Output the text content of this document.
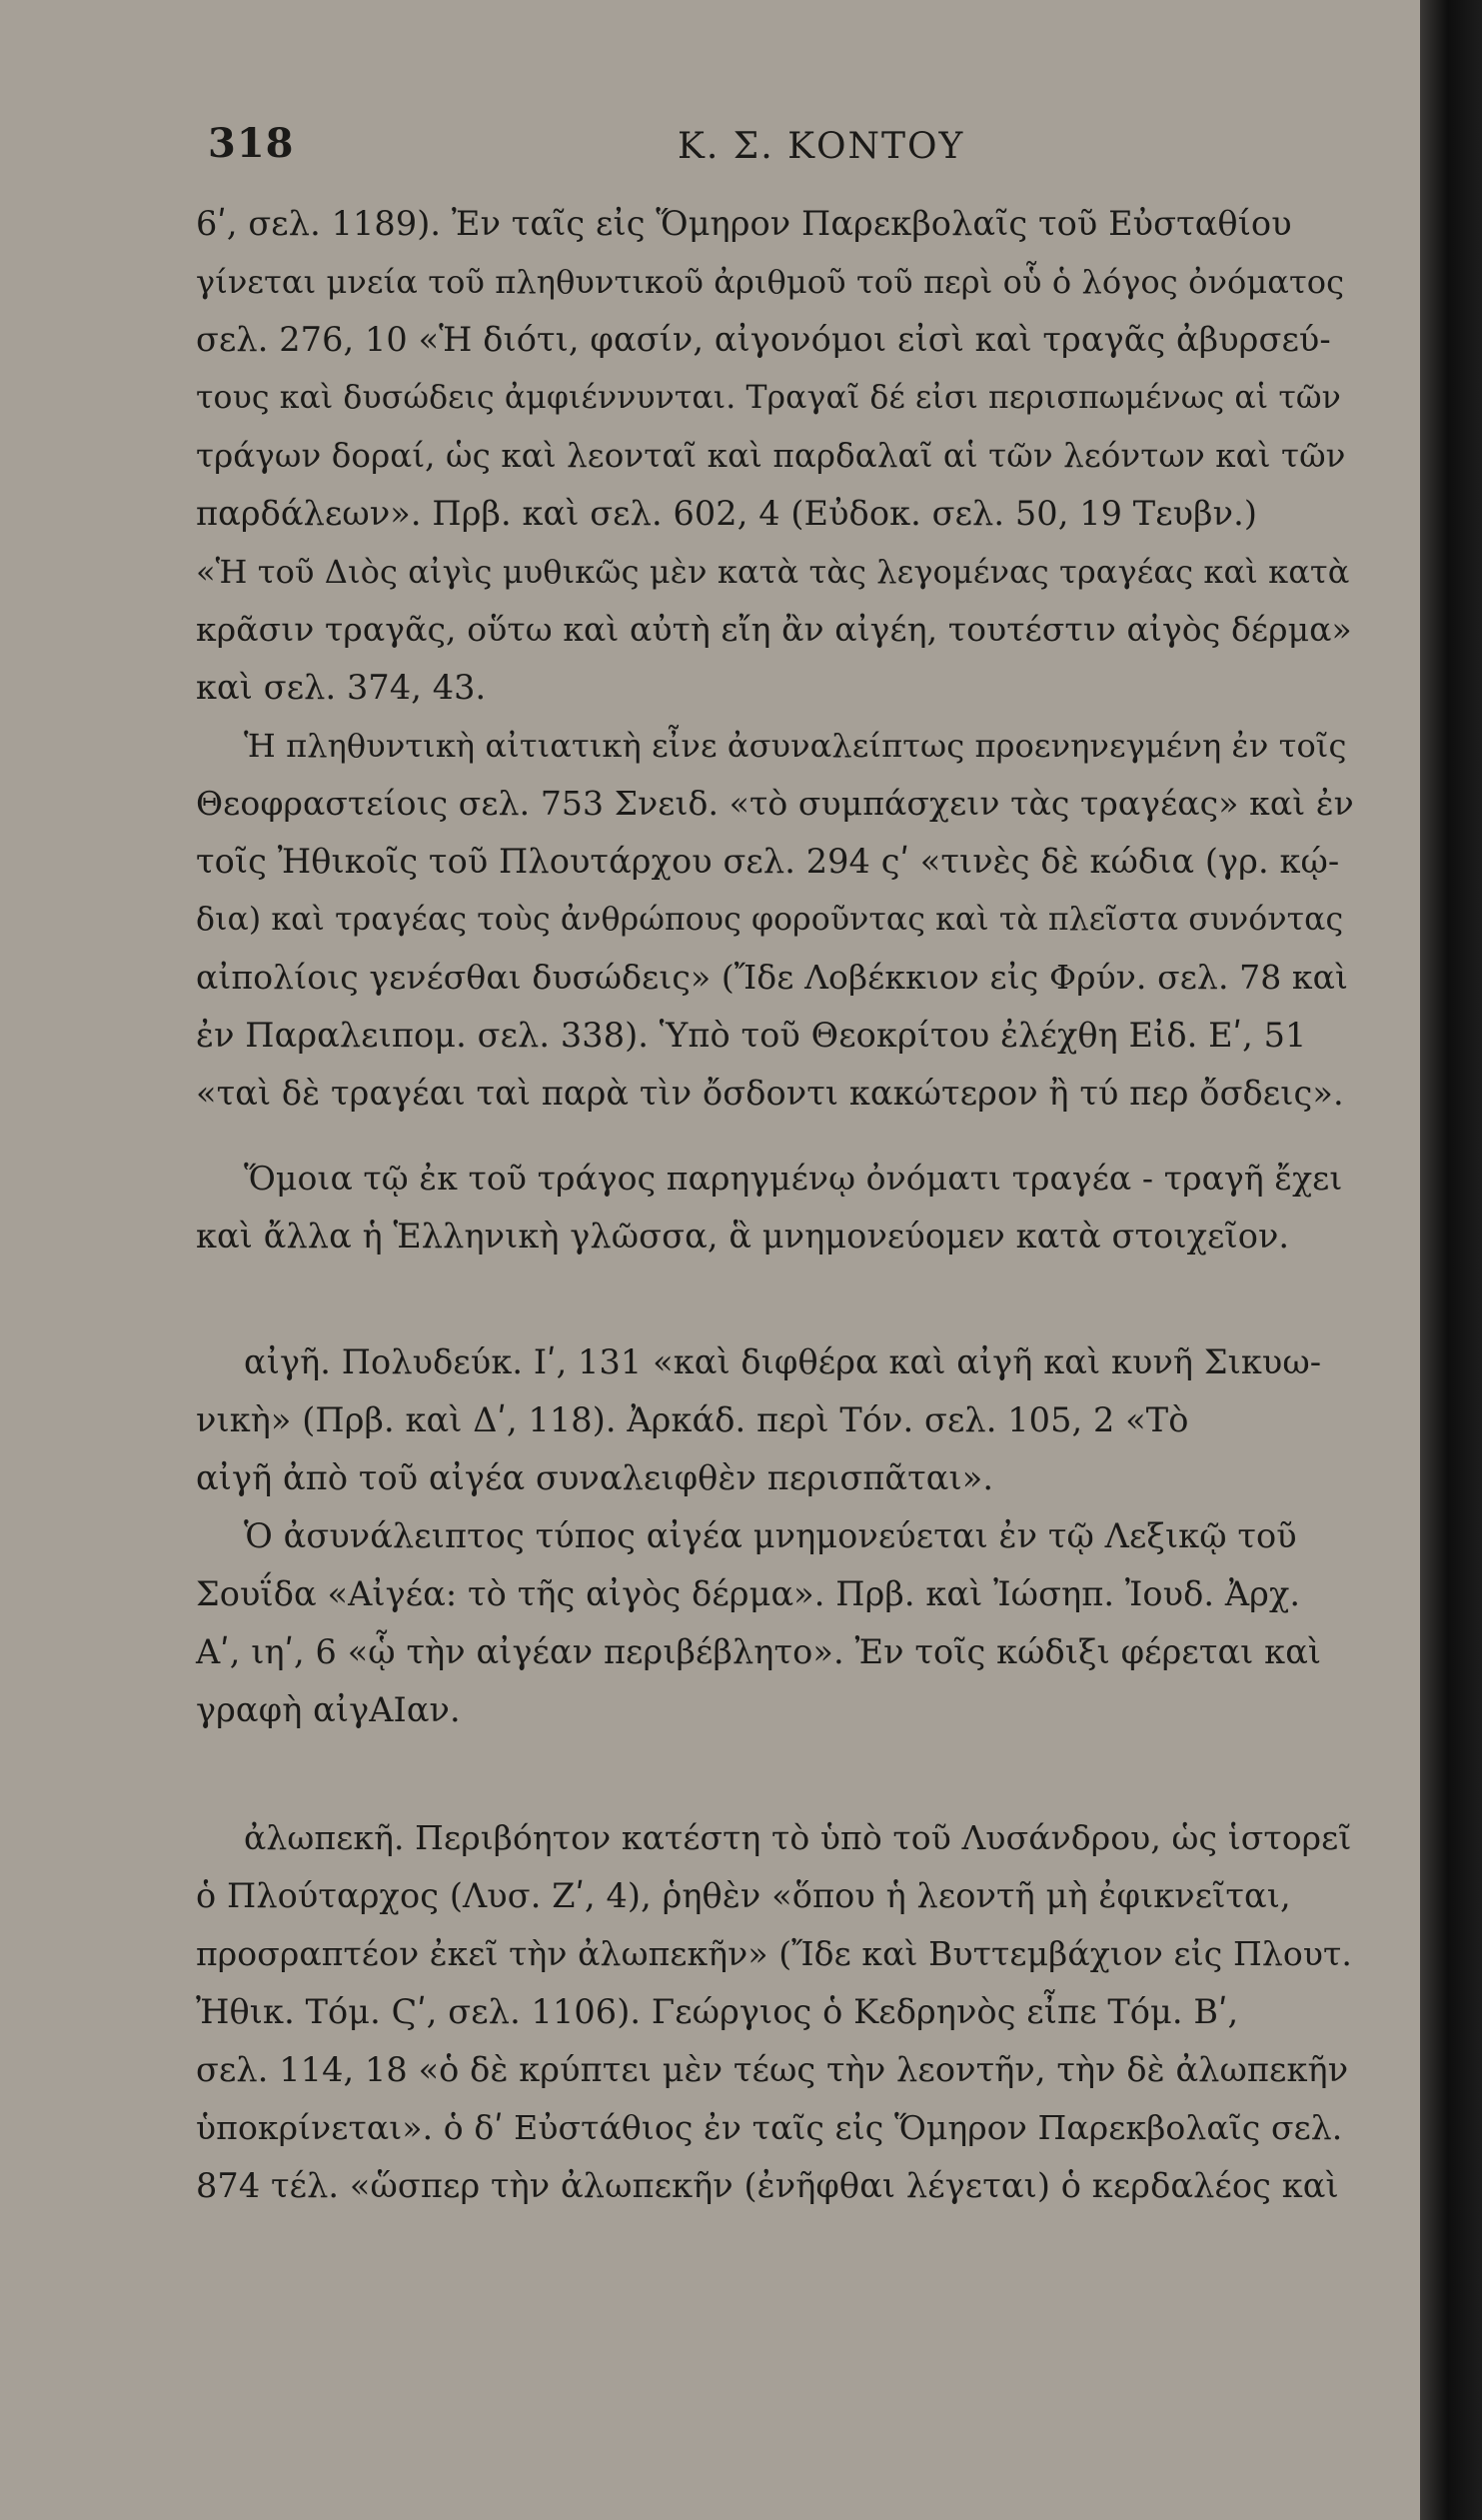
318	Κ. Σ. ΚΟΝΤΟΥ
6ʹ, σελ. 1189). Ἐν ταῖς εἰς Ὅμηρον Παρεκβολαῖς τοῦ Εὐσταθίου
γίνεται μνεία τοῦ πληθυντικοῦ ἀριθμοῦ τοῦ περὶ οὗ ὁ λόγος ὀνόματος
σελ. 276, 10 «Ἡ διότι, φασίν, αἰγονόμοι εἰσὶ καὶ τραγᾶς ἀβυρσεύ-
τους καὶ δυσώδεις ἀμφιέννυνται. Τραγαῖ δέ εἰσι περισπωμένως αἱ τῶν
τράγων δοραί, ὡς καὶ λεονταῖ καὶ παρδαλαῖ αἱ τῶν λεόντων καὶ τῶν
παρδάλεων». Πρβ. καὶ σελ. 602, 4 (Εὐδοκ. σελ. 50, 19 Τευβν.)
«Ἡ τοῦ Διὸς αἰγὶς μυθικῶς μὲν κατὰ τὰς λεγομένας τραγέας καὶ κατὰ
κρᾶσιν τραγᾶς, οὕτω καὶ αὐτὴ εἴη ἂν αἰγέη, τουτέστιν αἰγὸς δέρμα»
καὶ σελ. 374, 43.
Ἡ πληθυντικὴ αἰτιατικὴ εἶνε ἀσυναλείπτως προενηνεγμένη ἐν τοῖς
Θεοφραστείοις σελ. 753 Σνειδ. «τὸ συμπάσχειν τὰς τραγέας» καὶ ἐν
τοῖς Ἠθικοῖς τοῦ Πλουτάρχου σελ. 294 ςʹ «τινὲς δὲ κώδια (γρ. κῴ-
δια) καὶ τραγέας τοὺς ἀνθρώπους φοροῦντας καὶ τὰ πλεῖστα συνόντας
αἰπολίοις γενέσθαι δυσώδεις» (Ἴδε Λοβέκκιον εἰς Φρύν. σελ. 78 καὶ
ἐν Παραλειπομ. σελ. 338). Ὑπὸ τοῦ Θεοκρίτου ἐλέχθη Εἰδ. Εʹ, 51
«ταὶ δὲ τραγέαι ταὶ παρὰ τὶν ὄσδοντι κακώτερον ἢ τύ περ ὄσδεις».
Ὅμοια τῷ ἐκ τοῦ τράγος παρηγμένῳ ὀνόματι τραγέα - τραγῆ ἔχει
καὶ ἄλλα ἡ Ἑλληνικὴ γλῶσσα, ἃ μνημονεύομεν κατὰ στοιχεῖον.
αἰγῆ. Πολυδεύκ. Ιʹ, 131 «καὶ διφθέρα καὶ αἰγῆ καὶ κυνῆ Σικυω-
νικὴ» (Πρβ. καὶ Δʹ, 118). Ἀρκάδ. περὶ Τόν. σελ. 105, 2 «Τὸ
αἰγῆ ἀπὸ τοῦ αἰγέα συναλειφθὲν περισπᾶται».
Ὁ ἀσυνάλειπτος τύπος αἰγέα μνημονεύεται ἐν τῷ Λεξικῷ τοῦ
Σουΐδα «Αἰγέα: τὸ τῆς αἰγὸς δέρμα». Πρβ. καὶ Ἰώσηπ. Ἰουδ. Ἀρχ.
Αʹ, ιηʹ, 6 «ᾧ τὴν αἰγέαν περιβέβλητο». Ἐν τοῖς κώδιξι φέρεται καὶ
γραφὴ αἰγΑΙαν.
ἀλωπεκῆ. Περιβόητον κατέστη τὸ ὑπὸ τοῦ Λυσάνδρου, ὡς ἱστορεῖ
ὁ Πλούταρχος (Λυσ. Ζʹ, 4), ῥηθὲν «ὅπου ἡ λεοντῆ μὴ ἐφικνεῖται,
προσραπτέον ἐκεῖ τὴν ἀλωπεκῆν» (Ἴδε καὶ Βυττεμβάχιον εἰς Πλουτ.
Ἠθικ. Τόμ. Ϛʹ, σελ. 1106). Γεώργιος ὁ Κεδρηνὸς εἶπε Τόμ. Βʹ,
σελ. 114, 18 «ὁ δὲ κρύπτει μὲν τέως τὴν λεοντῆν, τὴν δὲ ἀλωπεκῆν
ὑποκρίνεται». ὁ δʹ Εὐστάθιος ἐν ταῖς εἰς Ὅμηρον Παρεκβολαῖς σελ.
874 τέλ. «ὥσπερ τὴν ἀλωπεκῆν (ἐνῆφθαι λέγεται) ὁ κερδαλέος καὶ
